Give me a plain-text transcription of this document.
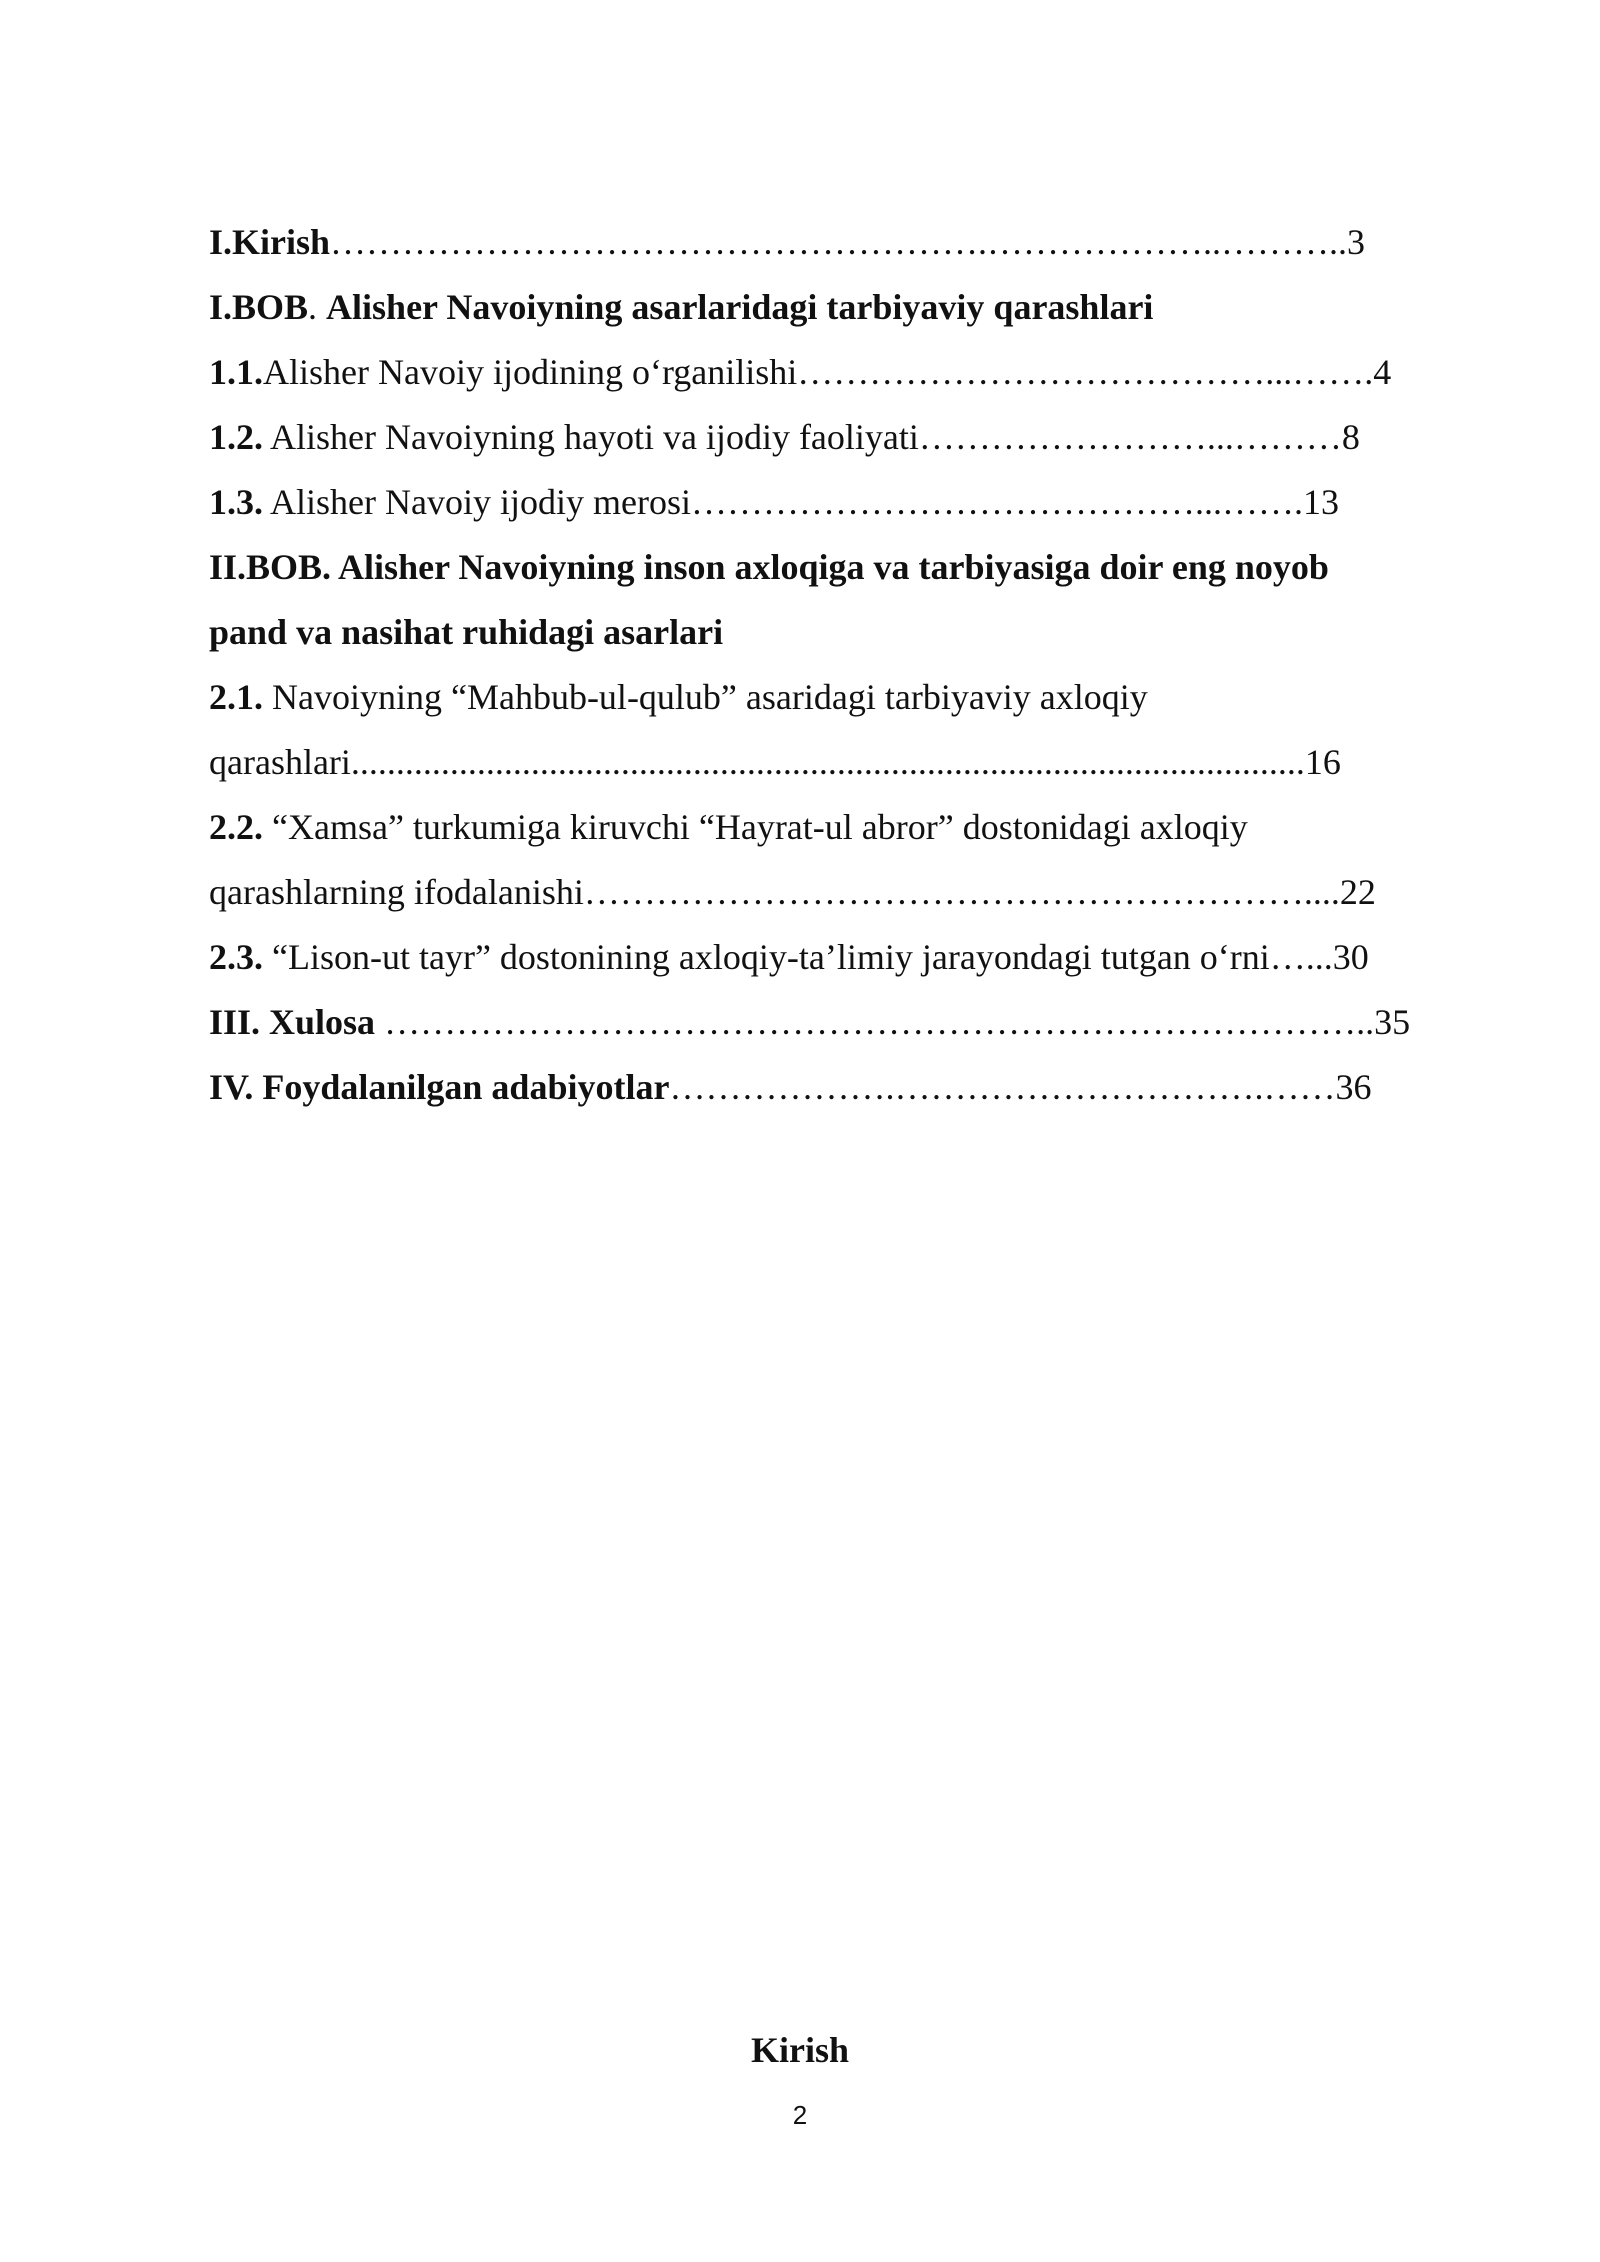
I.Kirish……………………………………………….………………..………..3
I.BOB. Alisher Navoiyning asarlaridagi tarbiyaviy qarashlari
1.1.Alisher Navoiy ijodining o‘rganilishi…………………………………...…….4
1.2. Alisher Navoiyning hayoti va ijodiy faoliyati……………………...………8
1.3. Alisher Navoiy ijodiy merosi……………………………………...…….13
II.BOB. Alisher Navoiyning inson axloqiga va tarbiyasiga doir eng noyob
pand va nasihat ruhidagi asarlari
2.1. Navoiyning “Mahbub-ul-qulub” asaridagi tarbiyaviy axloqiy
qarashlari..........................................................................................................16
2.2. “Xamsa” turkumiga kiruvchi “Hayrat-ul abror” dostonidagi axloqiy
qarashlarning ifodalanishi……………………………………………………....22
2.3. “Lison-ut tayr” dostonining axloqiy-ta’limiy jarayondagi tutgan o‘rni…...30
III. Xulosa ………………………………………………………………………..35
IV. Foydalanilgan adabiyotlar……………….………………………….……36
Kirish
2
